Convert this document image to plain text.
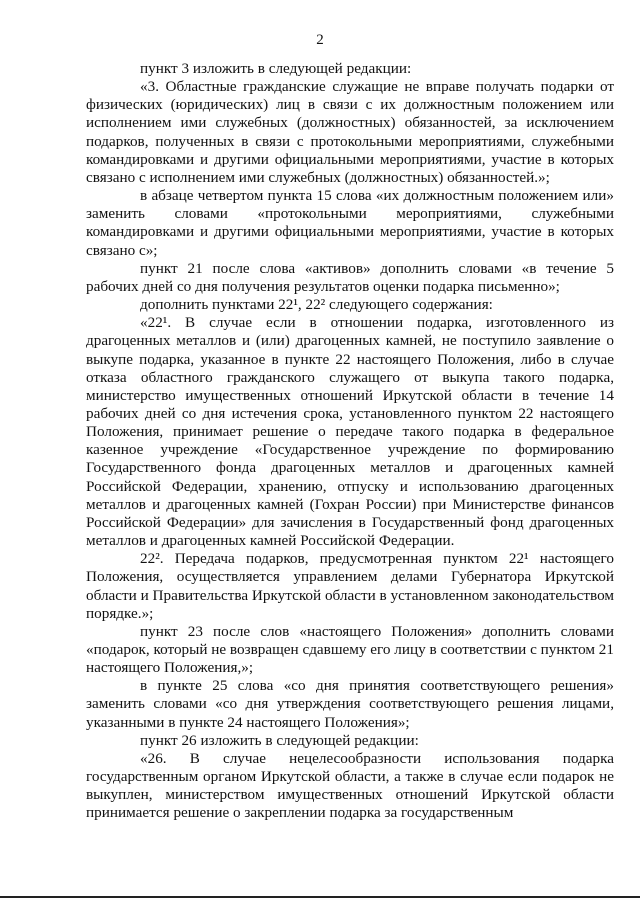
2

пункт 3 изложить в следующей редакции:

«3. Областные гражданские служащие не вправе получать подарки от физических (юридических) лиц в связи с их должностным положением или исполнением ими служебных (должностных) обязанностей, за исключением подарков, полученных в связи с протокольными мероприятиями, служебными командировками и другими официальными мероприятиями, участие в которых связано с исполнением ими служебных (должностных) обязанностей.»;

в абзаце четвертом пункта 15 слова «их должностным положением или» заменить словами «протокольными мероприятиями, служебными командировками и другими официальными мероприятиями, участие в которых связано с»;

пункт 21 после слова «активов» дополнить словами «в течение 5 рабочих дней со дня получения результатов оценки подарка письменно»;

дополнить пунктами 22¹, 22² следующего содержания:

«22¹. В случае если в отношении подарка, изготовленного из драгоценных металлов и (или) драгоценных камней, не поступило заявление о выкупе подарка, указанное в пункте 22 настоящего Положения, либо в случае отказа областного гражданского служащего от выкупа такого подарка, министерство имущественных отношений Иркутской области в течение 14 рабочих дней со дня истечения срока, установленного пунктом 22 настоящего Положения, принимает решение о передаче такого подарка в федеральное казенное учреждение «Государственное учреждение по формированию Государственного фонда драгоценных металлов и драгоценных камней Российской Федерации, хранению, отпуску и использованию драгоценных металлов и драгоценных камней (Гохран России) при Министерстве финансов Российской Федерации» для зачисления в Государственный фонд драгоценных металлов и драгоценных камней Российской Федерации.

22². Передача подарков, предусмотренная пунктом 22¹ настоящего Положения, осуществляется управлением делами Губернатора Иркутской области и Правительства Иркутской области в установленном законодательством порядке.»;

пункт 23 после слов «настоящего Положения» дополнить словами «подарок, который не возвращен сдавшему его лицу в соответствии с пунктом 21 настоящего Положения,»;

в пункте 25 слова «со дня принятия соответствующего решения» заменить словами «со дня утверждения соответствующего решения лицами, указанными в пункте 24 настоящего Положения»;

пункт 26 изложить в следующей редакции:

«26. В случае нецелесообразности использования подарка государственным органом Иркутской области, а также в случае если подарок не выкуплен, министерством имущественных отношений Иркутской области принимается решение о закреплении подарка за государственным
